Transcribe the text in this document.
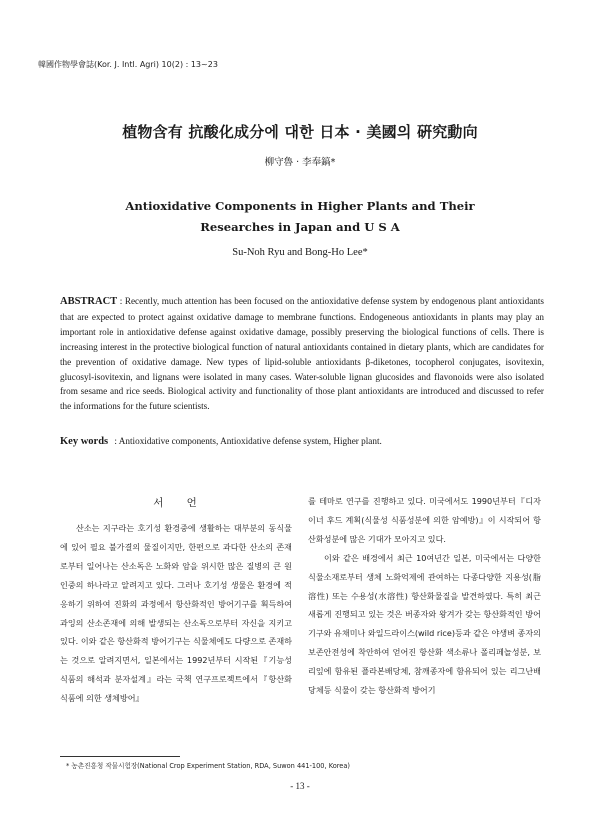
韓國作物學會誌(Kor. J. Intl. Agri) 10(2) : 13~23
植物含有 抗酸化成分에 대한 日本 · 美國의 硏究動向
柳守魯 · 李奉鎬*
Antioxidative Components in Higher Plants and Their
Researches in Japan and U S A
Su-Noh Ryu and Bong-Ho Lee*
ABSTRACT : Recently, much attention has been focused on the antioxidative defense system by endogenous plant antioxidants that are expected to protect against oxidative damage to membrane functions. Endogeneous antioxidants in plants may play an important role in antioxidative defense against oxidative damage, possibly preserving the biological functions of cells. There is increasing interest in the protective biological function of natural antioxidants contained in dietary plants, which are candidates for the prevention of oxidative damage. New types of lipid-soluble antioxidants β-diketones, tocopherol conjugates, isovitexin, glucosyl-isovitexin, and lignans were isolated in many cases. Water-soluble lignan glucosides and flavonoids were also isolated from sesame and rice seeds. Biological activity and functionality of those plant antioxidants are introduced and discussed to refer the informations for the future scientists.
Key words : Antioxidative components, Antioxidative defense system, Higher plant.
서 언

산소는 지구라는 호기성 환경중에 생활하는 대부분의 동식물에 있어 필요 불가결의 물질이지만, 한편으로 과다한 산소의 존재로부터 일어나는 산소독은 노화와 암을 위시한 많은 질병의 큰 원인중의 하나라고 알려지고 있다. 그러나 호기성 생물은 환경에 적응하기 위하여 진화의 과정에서 항산화적인 방어기구를 획득하여 과잉의 산소존재에 의해 발생되는 산소독으로부터 자신을 지키고 있다. 이와 같은 항산화적 방어기구는 식물체에도 다량으로 존재하는 것으로 알려지면서, 일본에서는 1992년부터 시작된『기능성 식품의 해석과 분자설계』라는 국책 연구프로젝트에서『항산화 식품에 의한 생체방어』

를 테마로 연구를 진행하고 있다. 미국에서도 1990년부터『디자이너 후드 계획(식물성 식품성분에 의한 암예방)』이 시작되어 항산화성분에 많은 기대가 모아지고 있다.

이와 같은 배경에서 최근 10여년간 일본, 미국에서는 다양한 식물소재로부터 생체 노화억제에 관여하는 다종다양한 지용성(脂溶性) 또는 수용성(水溶性) 항산화물질을 발견하였다. 특히 최근 새롭게 진행되고 있는 것은 버종자와 왕겨가 갖는 항산화적인 방어기구와 유채미나 와일드라이스(wild rice)등과 같은 야생벼 종자의 보존안전성에 착안하여 얻어진 항산화 색소류나 폴리페놀성분, 보리잎에 함유된 플라본배당체, 참깨종자에 함유되어 있는 리그난배당체등 식물이 갖는 항산화적 방어기

* 농촌진흥청 작물시험장(National Crop Experiment Station, RDA, Suwon 441-100, Korea)
- 13 -
